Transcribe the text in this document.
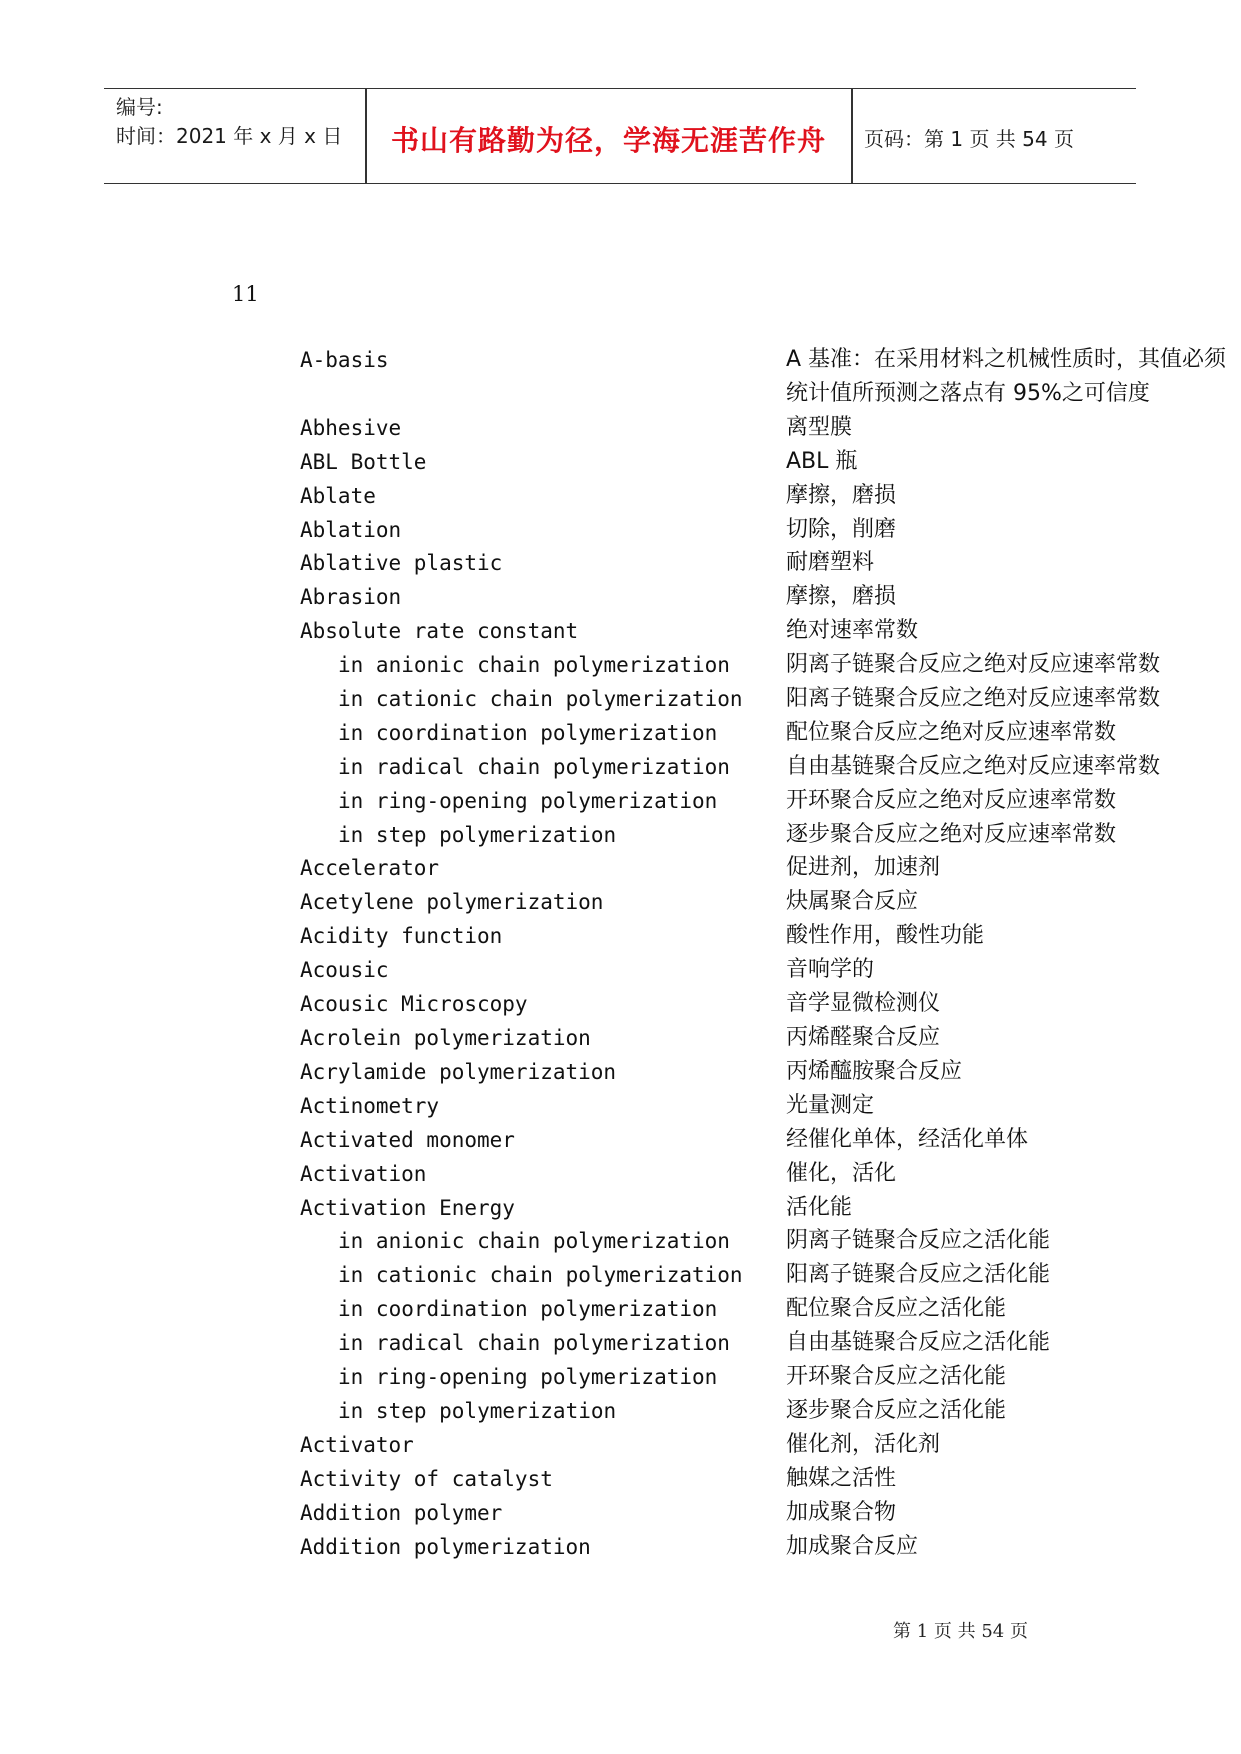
编号:
时间：2021 年 x 月 x 日	书山有路勤为径，学海无涯苦作舟	页码：第 1 页 共 54 页
11
A-basis	A 基准：在采用材料之机械性质时，其值必须
统计值所预测之落点有 95%之可信度
Abhesive	离型膜
ABL Bottle	ABL 瓶
Ablate	摩擦，磨损
Ablation	切除，削磨
Ablative plastic	耐磨塑料
Abrasion	摩擦，磨损
Absolute rate constant	绝对速率常数
in anionic chain polymerization	阴离子链聚合反应之绝对反应速率常数
in cationic chain polymerization 阳离子链聚合反应之绝对反应速率常数
in coordination polymerization	配位聚合反应之绝对反应速率常数
in radical chain polymerization	自由基链聚合反应之绝对反应速率常数
in ring-opening polymerization	开环聚合反应之绝对反应速率常数
in step polymerization	逐步聚合反应之绝对反应速率常数
Accelerator	促进剂，加速剂
Acetylene polymerization	炔属聚合反应
Acidity function	酸性作用，酸性功能
Acousic	音响学的
Acousic Microscopy	音学显微检测仪
Acrolein polymerization	丙烯醛聚合反应
Acrylamide polymerization	丙烯醯胺聚合反应
Actinometry	光量测定
Activated monomer	经催化单体，经活化单体
Activation	催化，活化
Activation Energy	活化能
in anionic chain polymerization	阴离子链聚合反应之活化能
in cationic chain polymerization 阳离子链聚合反应之活化能
in coordination polymerization	配位聚合反应之活化能
in radical chain polymerization	自由基链聚合反应之活化能
in ring-opening polymerization	开环聚合反应之活化能
in step polymerization	逐步聚合反应之活化能
Activator	催化剂，活化剂
Activity of catalyst	触媒之活性
Addition polymer	加成聚合物
Addition polymerization	加成聚合反应
第 1 页 共 54 页
